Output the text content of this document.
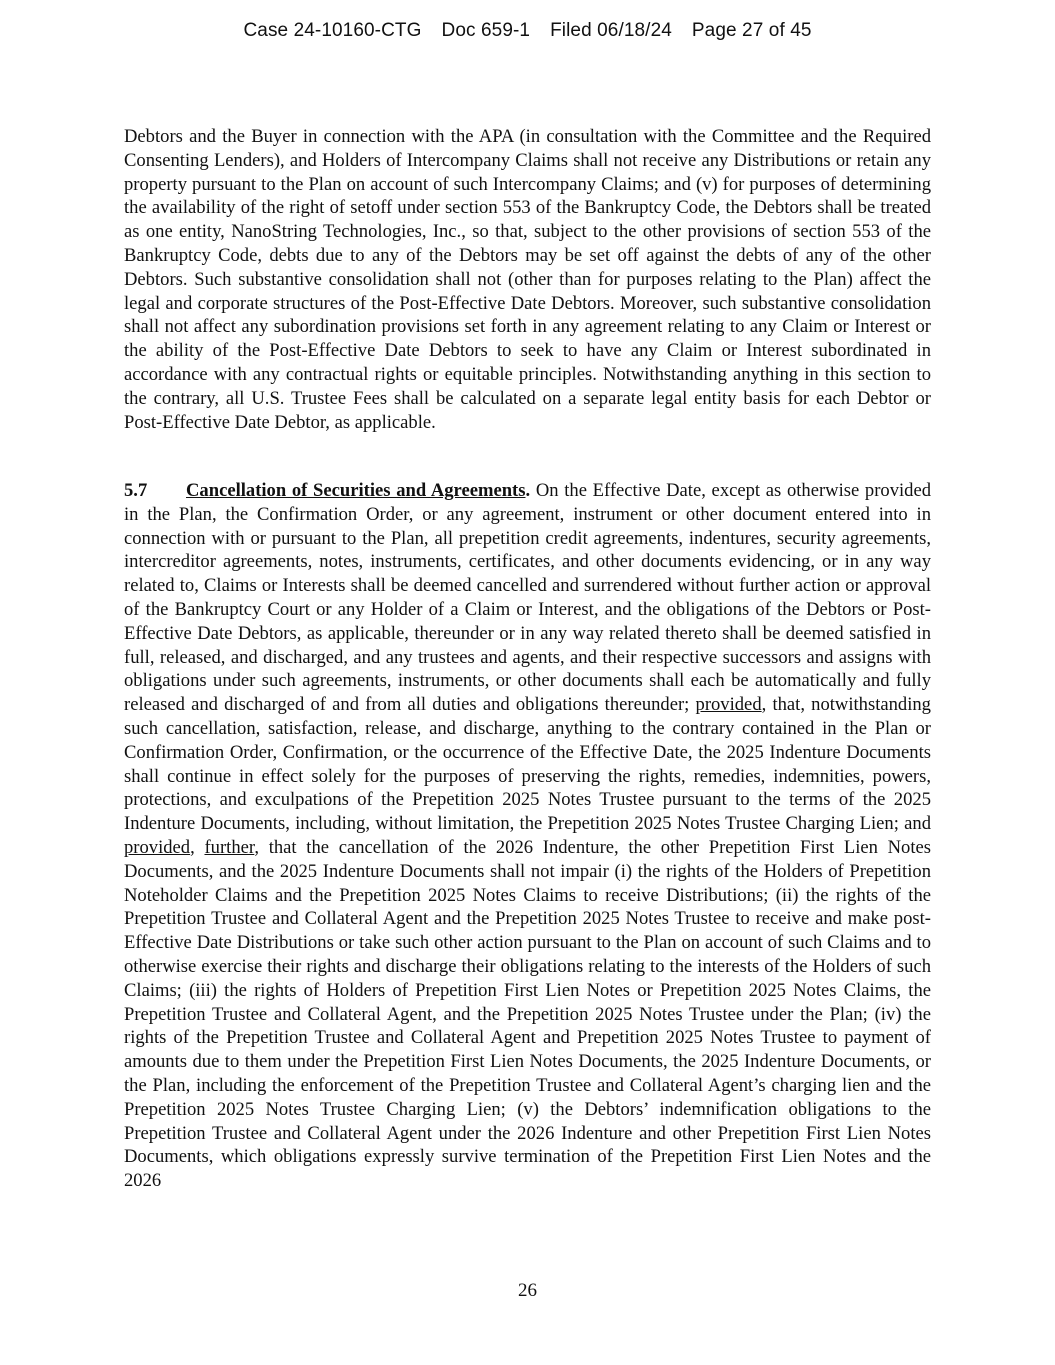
Case 24-10160-CTG Doc 659-1 Filed 06/18/24 Page 27 of 45

Debtors and the Buyer in connection with the APA (in consultation with the Committee and the Required Consenting Lenders), and Holders of Intercompany Claims shall not receive any Distributions or retain any property pursuant to the Plan on account of such Intercompany Claims; and (v) for purposes of determining the availability of the right of setoff under section 553 of the Bankruptcy Code, the Debtors shall be treated as one entity, NanoString Technologies, Inc., so that, subject to the other provisions of section 553 of the Bankruptcy Code, debts due to any of the Debtors may be set off against the debts of any of the other Debtors. Such substantive consolidation shall not (other than for purposes relating to the Plan) affect the legal and corporate structures of the Post-Effective Date Debtors. Moreover, such substantive consolidation shall not affect any subordination provisions set forth in any agreement relating to any Claim or Interest or the ability of the Post-Effective Date Debtors to seek to have any Claim or Interest subordinated in accordance with any contractual rights or equitable principles. Notwithstanding anything in this section to the contrary, all U.S. Trustee Fees shall be calculated on a separate legal entity basis for each Debtor or Post-Effective Date Debtor, as applicable.

5.7 Cancellation of Securities and Agreements. On the Effective Date, except as otherwise provided in the Plan, the Confirmation Order, or any agreement, instrument or other document entered into in connection with or pursuant to the Plan, all prepetition credit agreements, indentures, security agreements, intercreditor agreements, notes, instruments, certificates, and other documents evidencing, or in any way related to, Claims or Interests shall be deemed cancelled and surrendered without further action or approval of the Bankruptcy Court or any Holder of a Claim or Interest, and the obligations of the Debtors or Post-Effective Date Debtors, as applicable, thereunder or in any way related thereto shall be deemed satisfied in full, released, and discharged, and any trustees and agents, and their respective successors and assigns with obligations under such agreements, instruments, or other documents shall each be automatically and fully released and discharged of and from all duties and obligations thereunder; provided, that, notwithstanding such cancellation, satisfaction, release, and discharge, anything to the contrary contained in the Plan or Confirmation Order, Confirmation, or the occurrence of the Effective Date, the 2025 Indenture Documents shall continue in effect solely for the purposes of preserving the rights, remedies, indemnities, powers, protections, and exculpations of the Prepetition 2025 Notes Trustee pursuant to the terms of the 2025 Indenture Documents, including, without limitation, the Prepetition 2025 Notes Trustee Charging Lien; and provided, further, that the cancellation of the 2026 Indenture, the other Prepetition First Lien Notes Documents, and the 2025 Indenture Documents shall not impair (i) the rights of the Holders of Prepetition Noteholder Claims and the Prepetition 2025 Notes Claims to receive Distributions; (ii) the rights of the Prepetition Trustee and Collateral Agent and the Prepetition 2025 Notes Trustee to receive and make post-Effective Date Distributions or take such other action pursuant to the Plan on account of such Claims and to otherwise exercise their rights and discharge their obligations relating to the interests of the Holders of such Claims; (iii) the rights of Holders of Prepetition First Lien Notes or Prepetition 2025 Notes Claims, the Prepetition Trustee and Collateral Agent, and the Prepetition 2025 Notes Trustee under the Plan; (iv) the rights of the Prepetition Trustee and Collateral Agent and Prepetition 2025 Notes Trustee to payment of amounts due to them under the Prepetition First Lien Notes Documents, the 2025 Indenture Documents, or the Plan, including the enforcement of the Prepetition Trustee and Collateral Agent’s charging lien and the Prepetition 2025 Notes Trustee Charging Lien; (v) the Debtors’ indemnification obligations to the Prepetition Trustee and Collateral Agent under the 2026 Indenture and other Prepetition First Lien Notes Documents, which obligations expressly survive termination of the Prepetition First Lien Notes and the 2026

26
